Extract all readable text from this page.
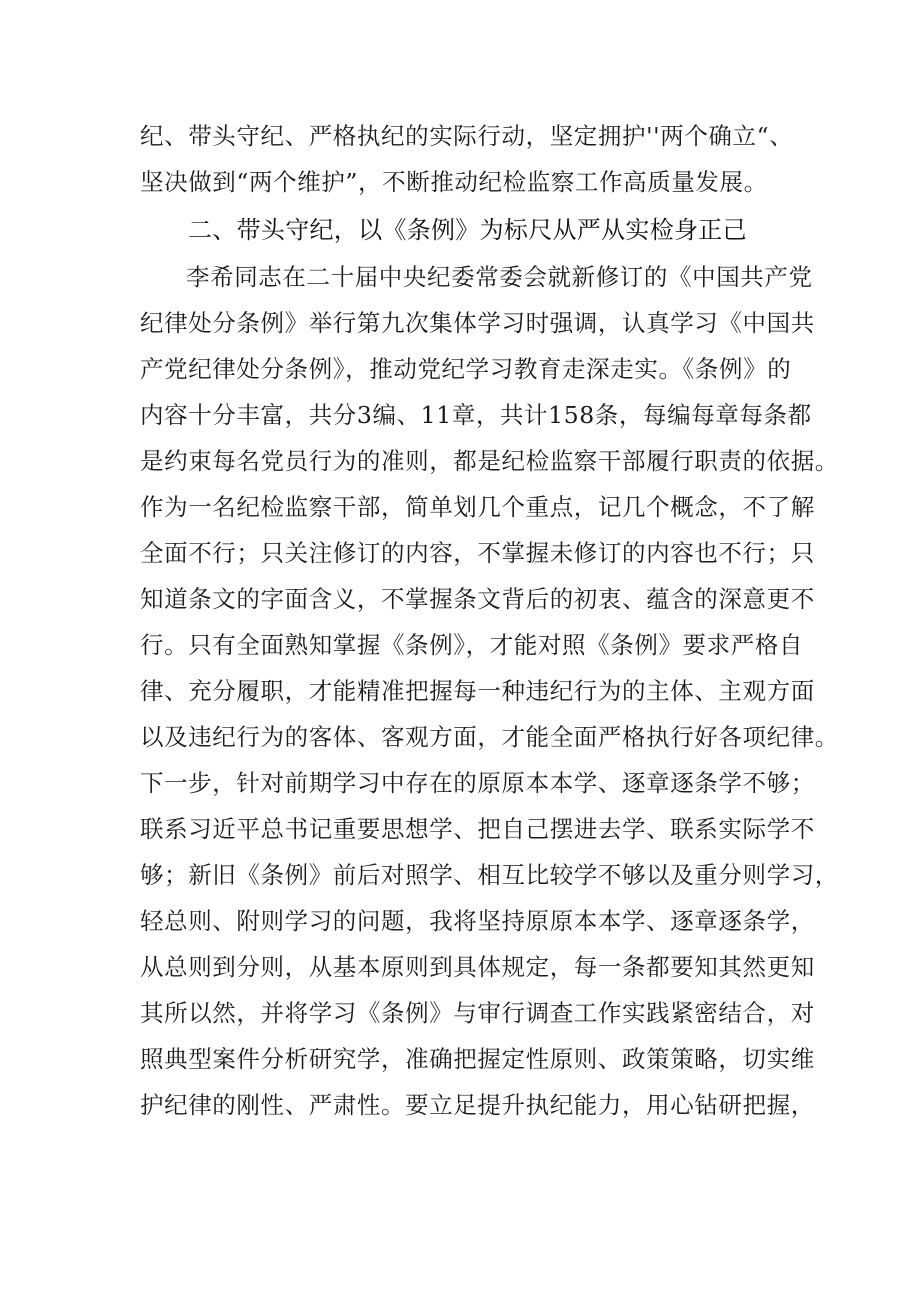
纪、带头守纪、严格执纪的实际行动，坚定拥护''两个确立“、
坚决做到“两个维护”，不断推动纪检监察工作高质量发展。
二、带头守纪，以《条例》为标尺从严从实检身正己
李希同志在二十届中央纪委常委会就新修订的《中国共产党
纪律处分条例》举行第九次集体学习时强调，认真学习《中国共
产党纪律处分条例》，推动党纪学习教育走深走实。《条例》的
内容十分丰富，共分3编、11章，共计158条，每编每章每条都
是约束每名党员行为的准则，都是纪检监察干部履行职责的依据。
作为一名纪检监察干部，简单划几个重点，记几个概念，不了解
全面不行；只关注修订的内容，不掌握未修订的内容也不行；只
知道条文的字面含义，不掌握条文背后的初衷、蕴含的深意更不
行。只有全面熟知掌握《条例》，才能对照《条例》要求严格自
律、充分履职，才能精准把握每一种违纪行为的主体、主观方面
以及违纪行为的客体、客观方面，才能全面严格执行好各项纪律。
下一步，针对前期学习中存在的原原本本学、逐章逐条学不够；
联系习近平总书记重要思想学、把自己摆进去学、联系实际学不
够；新旧《条例》前后对照学、相互比较学不够以及重分则学习，
轻总则、附则学习的问题，我将坚持原原本本学、逐章逐条学，
从总则到分则，从基本原则到具体规定，每一条都要知其然更知
其所以然，并将学习《条例》与审行调查工作实践紧密结合，对
照典型案件分析研究学，准确把握定性原则、政策策略，切实维
护纪律的刚性、严肃性。要立足提升执纪能力，用心钻研把握，
